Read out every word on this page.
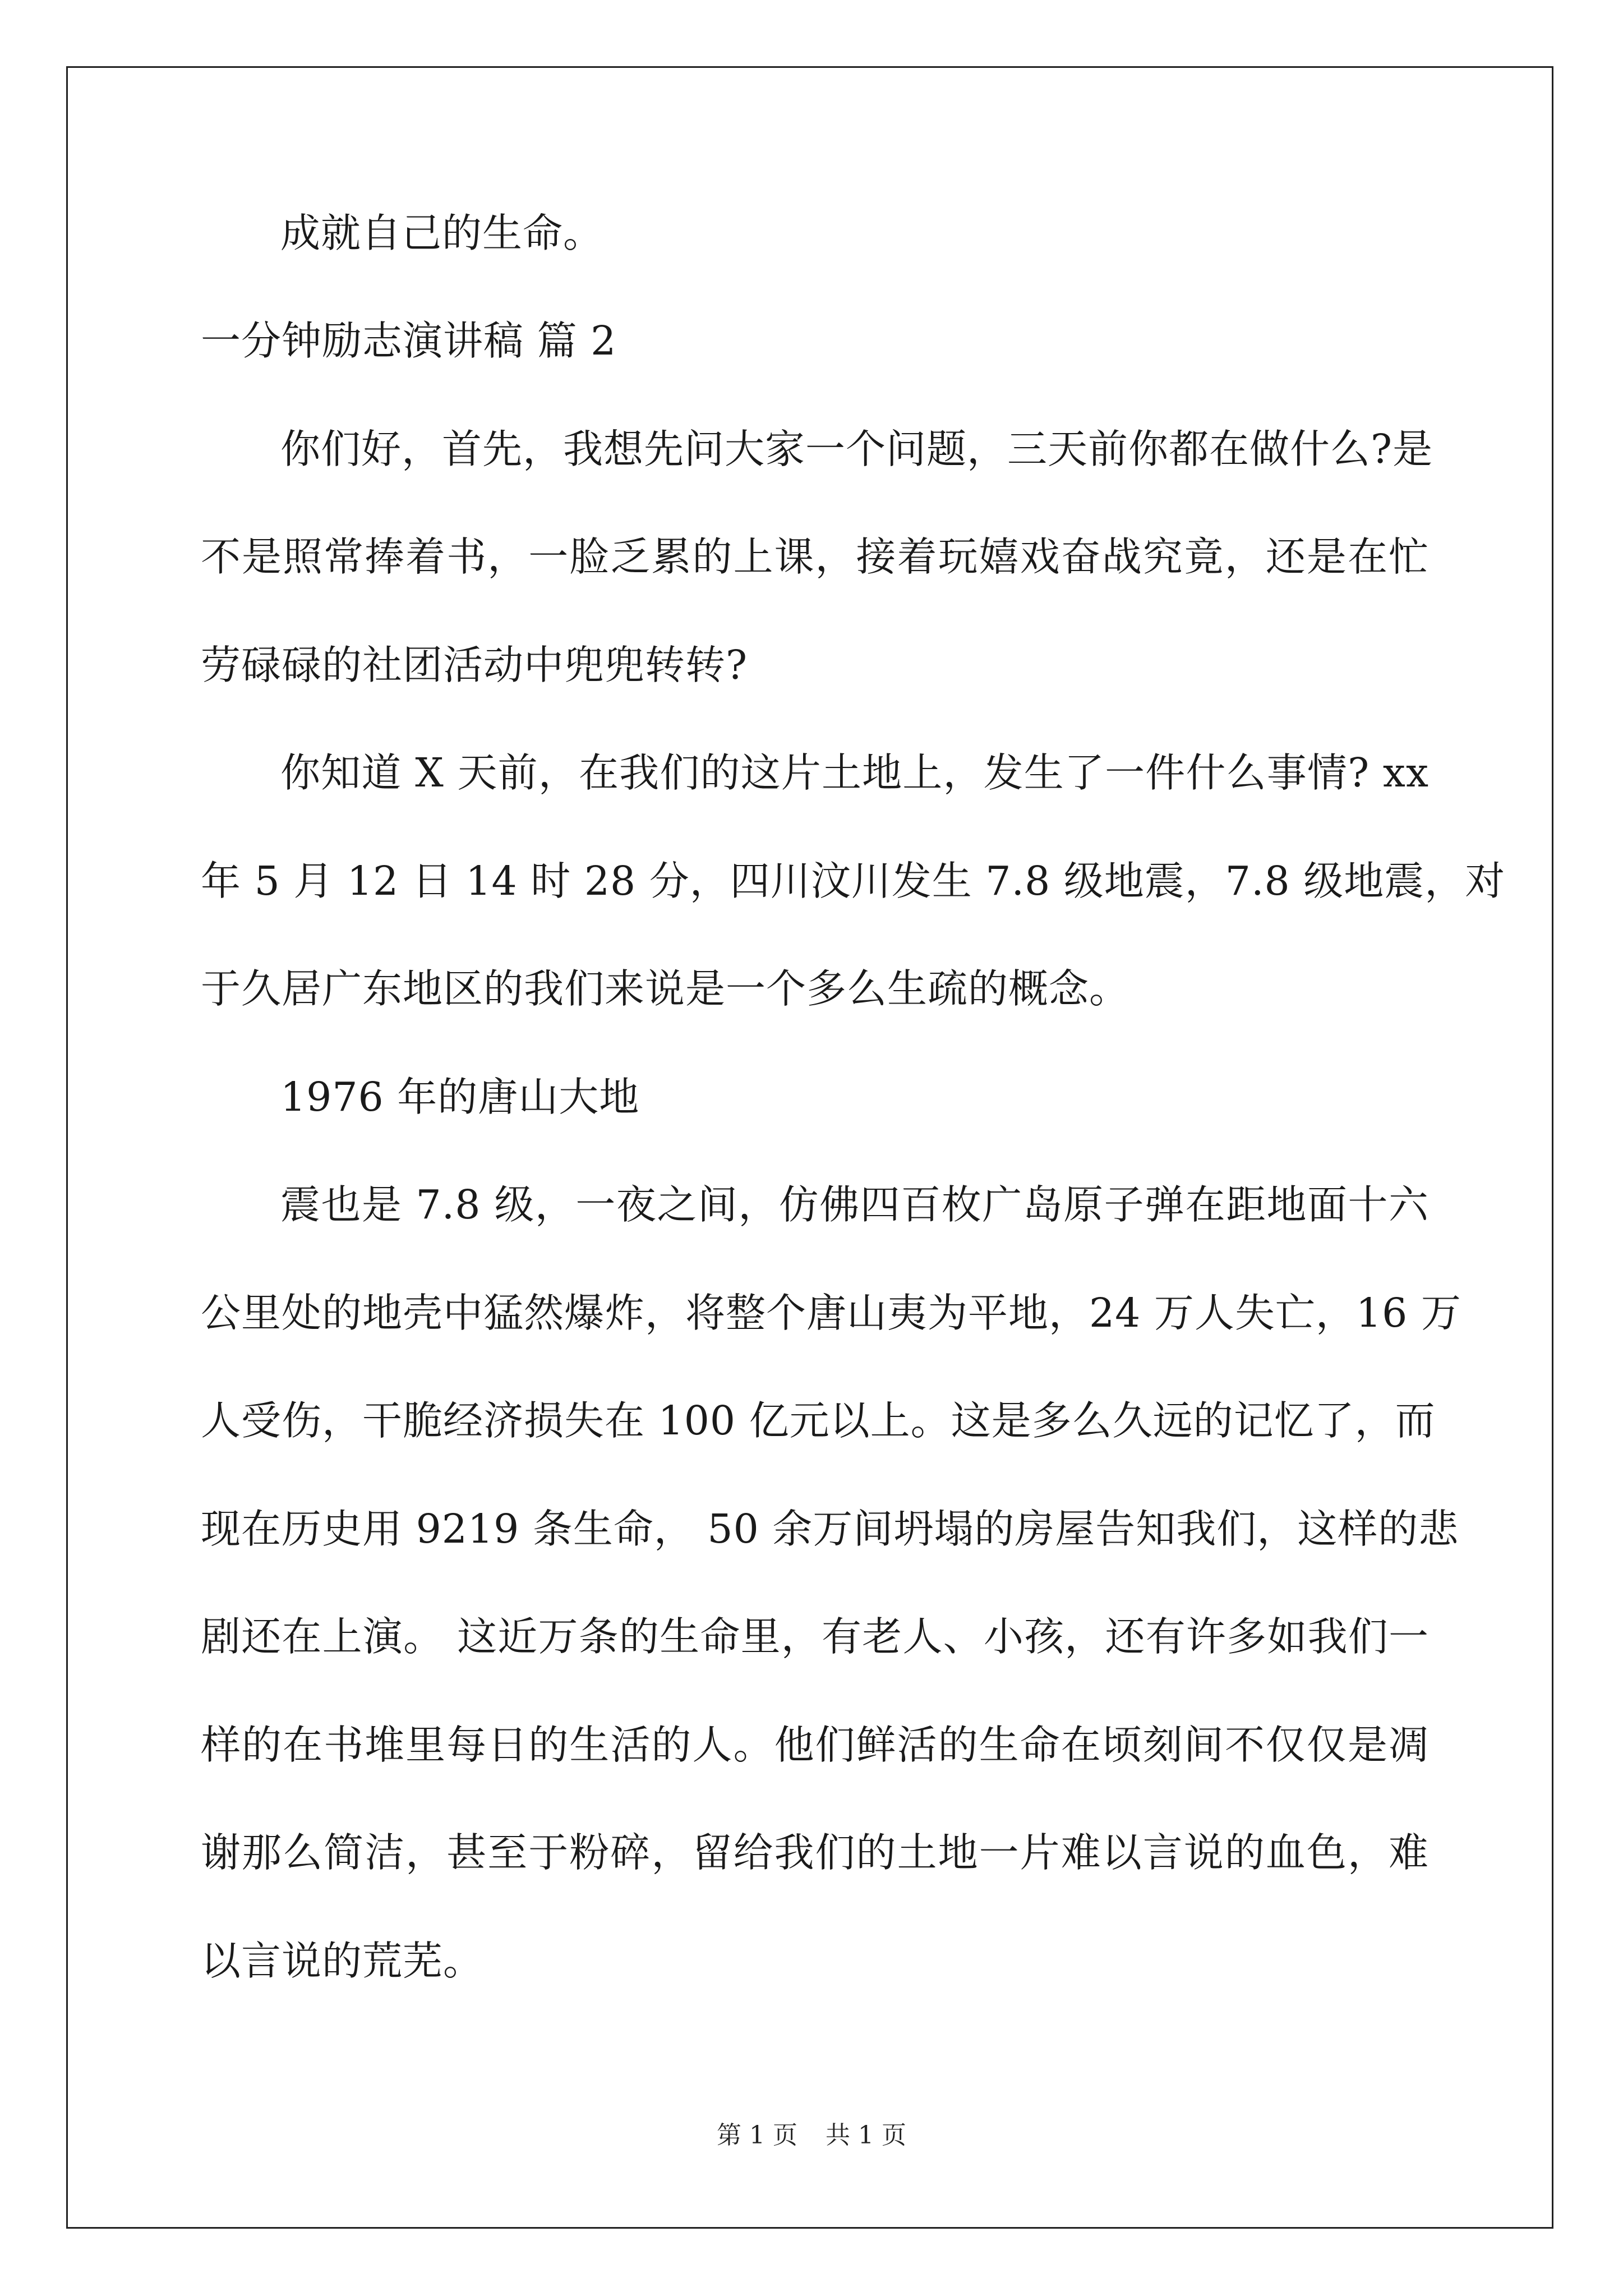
成就自己的生命。

一分钟励志演讲稿 篇 2

你们好，首先，我想先问大家一个问题，三天前你都在做什么?是

不是照常捧着书，一脸乏累的上课，接着玩嬉戏奋战究竟，还是在忙

劳碌碌的社团活动中兜兜转转?

你知道 X 天前，在我们的这片土地上，发生了一件什么事情? xx

年 5 月 12 日 14 时 28 分，四川汶川发生 7.8 级地震，7.8 级地震，对

于久居广东地区的我们来说是一个多么生疏的概念。

1976 年的唐山大地

震也是 7.8 级，一夜之间，仿佛四百枚广岛原子弹在距地面十六

公里处的地壳中猛然爆炸，将整个唐山夷为平地，24 万人失亡，16 万

人受伤，干脆经济损失在 100 亿元以上。这是多么久远的记忆了，而

现在历史用 9219 条生命， 50 余万间坍塌的房屋告知我们，这样的悲

剧还在上演。 这近万条的生命里，有老人、小孩，还有许多如我们一

样的在书堆里每日的生活的人。他们鲜活的生命在顷刻间不仅仅是凋

谢那么简洁，甚至于粉碎，留给我们的土地一片难以言说的血色，难

以言说的荒芜。

第 1 页 共 1 页
